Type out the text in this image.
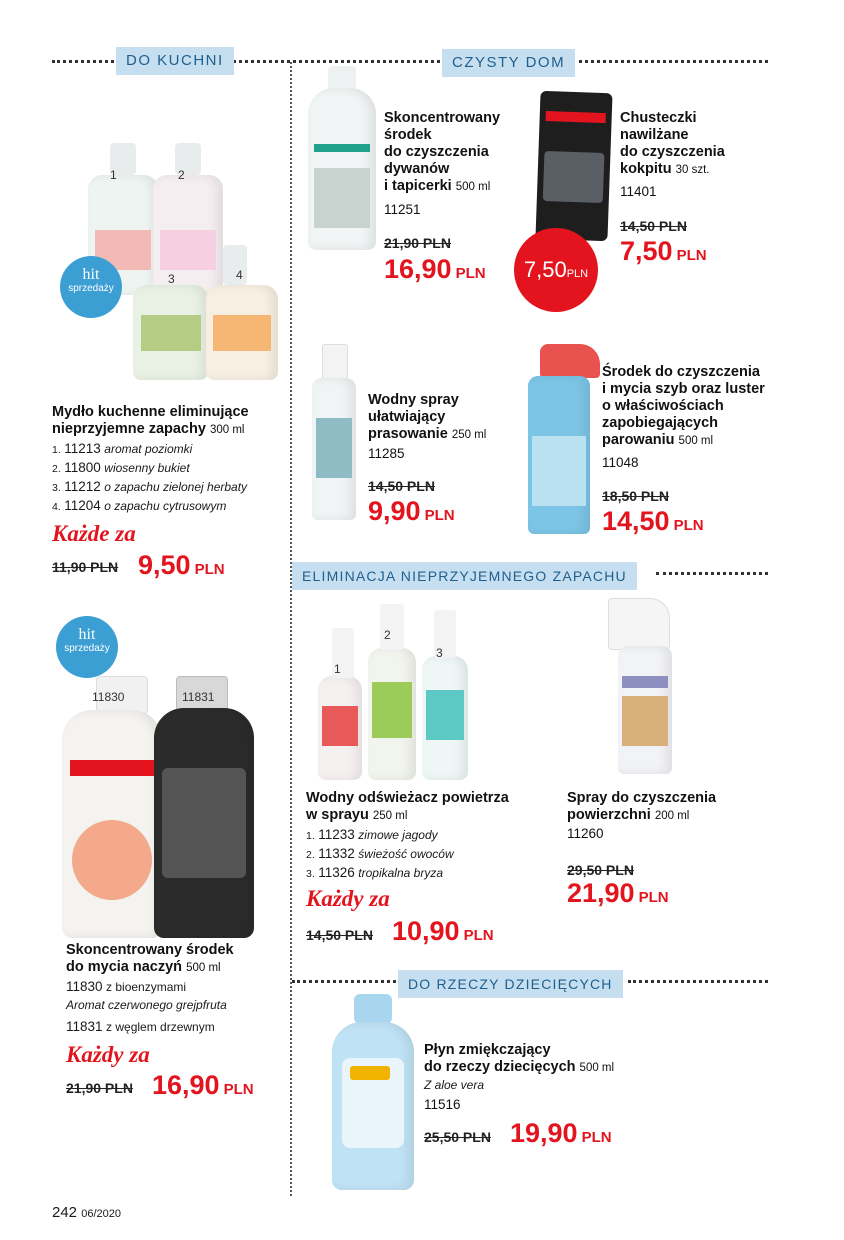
DO KUCHNI	CZYSTY DOM
ELIMINACJA NIEPRZYJEMNEGO ZAPACHU
DO RZECZY DZIECIĘCYCH
1	2
3	4
hit
sprzedaży
Mydło kuchenne eliminujące
nieprzyjemne zapachy 300 ml
1. 11213 aromat poziomki
2. 11800 wiosenny bukiet
3. 11212 o zapachu zielonej herbaty
4. 11204 o zapachu cytrusowym
Każde za
11,90 PLN 9,50 PLN
hit
sprzedaży
11830	11831
Skoncentrowany środek
do mycia naczyń 500 ml
11830 z bioenzymami
Aromat czerwonego grejpfruta
11831 z węglem drzewnym
Każdy za
21,90 PLN 16,90 PLN
Skoncentrowany
środek
do czyszczenia
dywanów
i tapicerki 500 ml
11251
21,90 PLN
16,90 PLN	7,50PLN
Chusteczki
nawilżane
do czyszczenia
kokpitu 30 szt.
11401
14,50 PLN
7,50 PLN
Wodny spray
ułatwiający
prasowanie 250 ml
11285
14,50 PLN
9,90 PLN
Środek do czyszczenia
i mycia szyb oraz luster
o właściwościach
zapobiegających
parowaniu 500 ml
11048
18,50 PLN
14,50 PLN
1
2
3
Wodny odświeżacz powietrza
w sprayu 250 ml
1. 11233 zimowe jagody
2. 11332 świeżość owoców
3. 11326 tropikalna bryza
Każdy za
14,50 PLN 10,90 PLN
Spray do czyszczenia
powierzchni 200 ml
11260
29,50 PLN
21,90 PLN
Płyn zmiękczający
do rzeczy dziecięcych 500 ml
Z aloe vera
11516
25,50 PLN 19,90 PLN
242 06/2020
